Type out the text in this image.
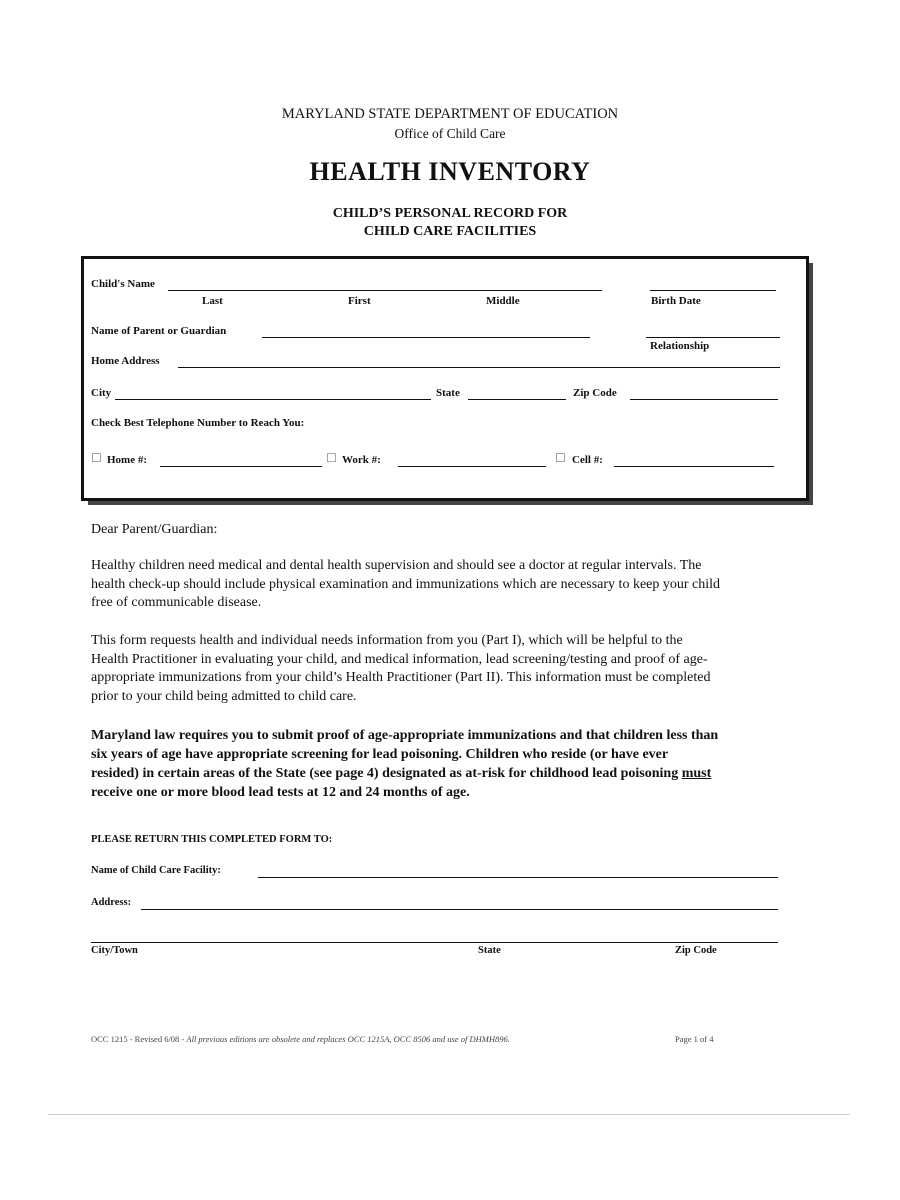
MARYLAND STATE DEPARTMENT OF EDUCATION
Office of Child Care
HEALTH INVENTORY
CHILD’S PERSONAL RECORD FOR
CHILD CARE FACILITIES
Child's Name
Last	First	Middle	Birth Date
Name of Parent or Guardian
Relationship
Home Address
City	State	Zip Code
Check Best Telephone Number to Reach You:
☐ Home #:	☐ Work #:	☐ Cell #:
Dear Parent/Guardian:
Healthy children need medical and dental health supervision and should see a doctor at regular intervals. The
health check-up should include physical examination and immunizations which are necessary to keep your child
free of communicable disease.
This form requests health and individual needs information from you (Part I), which will be helpful to the
Health Practitioner in evaluating your child, and medical information, lead screening/testing and proof of age-
appropriate immunizations from your child’s Health Practitioner (Part II). This information must be completed
prior to your child being admitted to child care.
Maryland law requires you to submit proof of age-appropriate immunizations and that children less than
six years of age have appropriate screening for lead poisoning. Children who reside (or have ever
resided) in certain areas of the State (see page 4) designated as at-risk for childhood lead poisoning must
receive one or more blood lead tests at 12 and 24 months of age.
PLEASE RETURN THIS COMPLETED FORM TO:
Name of Child Care Facility:
Address:
City/Town	State	Zip Code
OCC 1215 - Revised 6/08 - All previous editions are obsolete and replaces OCC 1215A, OCC 8506 and use of DHMH896.	Page 1 of 4
